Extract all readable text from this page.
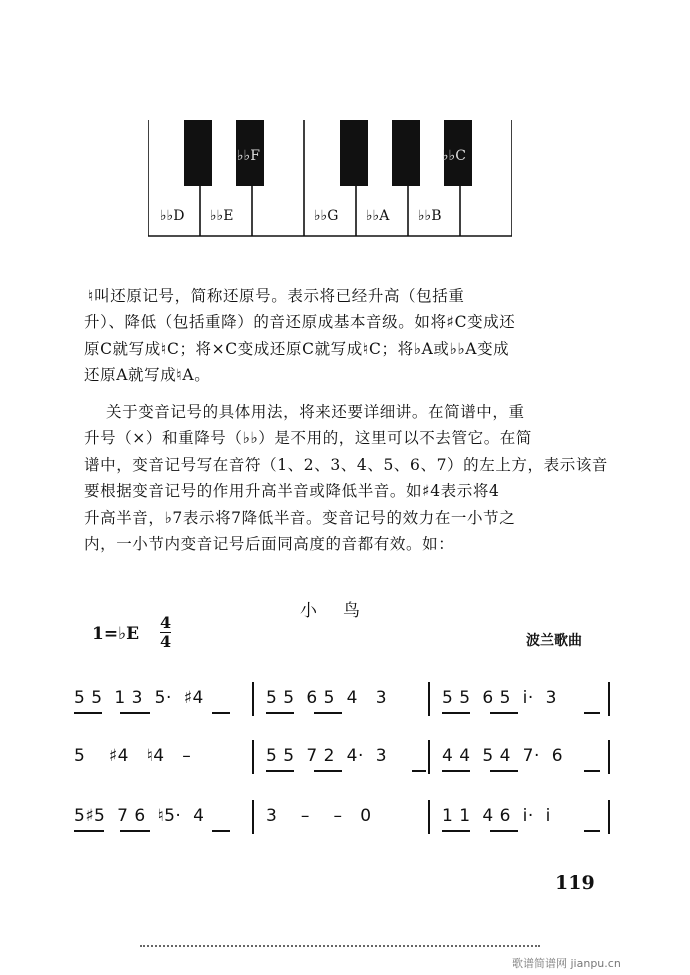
♭♭F	♭♭C
♭♭D ♭♭E	♭♭G ♭♭A ♭♭B
♮叫还原记号，简称还原号。表示将已经升高（包括重
升）、降低（包括重降）的音还原成基本音级。如将♯C变成还
原C就写成♮C；将×C变成还原C就写成♮C；将♭A或♭♭A变成
还原A就写成♮A。
关于变音记号的具体用法，将来还要详细讲。在简谱中，重
升号（×）和重降号（♭♭）是不用的，这里可以不去管它。在简
谱中，变音记号写在音符（1、2、3、4、5、6、7）的左上方，表示该音
要根据变音记号的作用升高半音或降低半音。如♯4表示将4
升高半音，♭7表示将7降低半音。变音记号的效力在一小节之
内，一小节内变音记号后面同高度的音都有效。如：
小鸟
1=♭E $\frac{4}{4}$	波兰歌曲
5 5  1 3  5·  ♯4	5 5  6 5  4   3	5 5  6 5  i·  3
5    ♯4   ♮4   –	5 5  7 2  4·  3	4 4  5 4  7·  6
5♯5  7 6  ♮5·  4	3    –    –   0	1 1  4 6  i·  i
119
歌谱简谱网 jianpu.cn
